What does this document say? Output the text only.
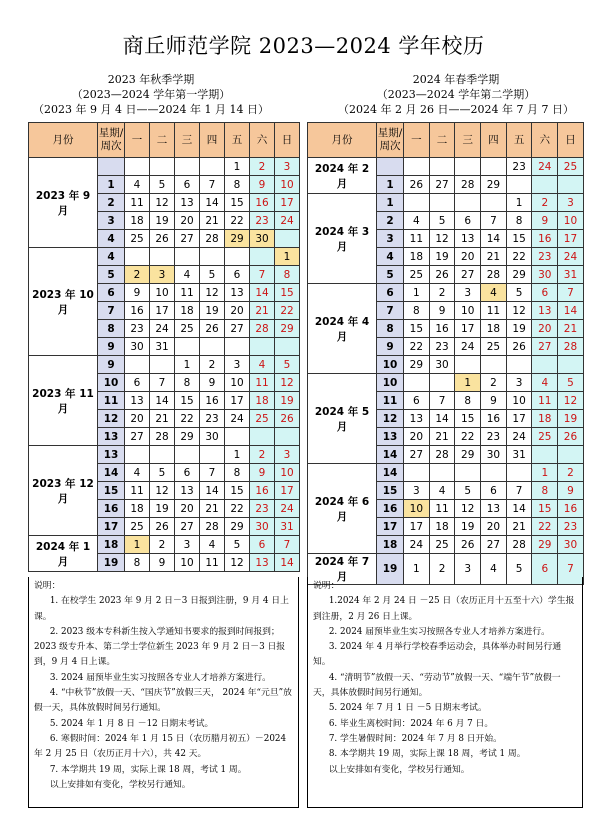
商丘师范学院 2023—2024 学年校历
2023 年秋季学期
（2023—2024 学年第一学期）
（2023 年 9 月 4 日——2024 年 1 月 14 日）
2024 年春季学期
（2023—2024 学年第二学期）
（2024 年 2 月 26 日——2024 年 7 月 7 日）
月份	星期/
周次	一	二	三	四	五	六	日
2023 年 9 月						1	2	3
	1	4	5	6	7	8	9	10
	2	11	12	13	14	15	16	17
	3	18	19	20	21	22	23	24
	4	25	26	27	28	29	30	
2023 年 10 月	4							1
	5	2	3	4	5	6	7	8
	6	9	10	11	12	13	14	15
	7	16	17	18	19	20	21	22
	8	23	24	25	26	27	28	29
	9	30	31					
2023 年 11 月	9			1	2	3	4	5
	10	6	7	8	9	10	11	12
	11	13	14	15	16	17	18	19
	12	20	21	22	23	24	25	26
	13	27	28	29	30			
2023 年 12 月	13					1	2	3
	14	4	5	6	7	8	9	10
	15	11	12	13	14	15	16	17
	16	18	19	20	21	22	23	24
	17	25	26	27	28	29	30	31
2024 年 1 月	18	1	2	3	4	5	6	7
	19	8	9	10	11	12	13	14
月份	星期/
周次	一	二	三	四	五	六	日
2024 年 2 月						23	24	25
	1	26	27	28	29			
2024 年 3 月	1					1	2	3
	2	4	5	6	7	8	9	10
	3	11	12	13	14	15	16	17
	4	18	19	20	21	22	23	24
	5	25	26	27	28	29	30	31
2024 年 4 月	6	1	2	3	4	5	6	7
	7	8	9	10	11	12	13	14
	8	15	16	17	18	19	20	21
	9	22	23	24	25	26	27	28
	10	29	30					
2024 年 5 月	10			1	2	3	4	5
	11	6	7	8	9	10	11	12
	12	13	14	15	16	17	18	19
	13	20	21	22	23	24	25	26
	14	27	28	29	30	31		
2024 年 6 月	14						1	2
	15	3	4	5	6	7	8	9
	16	10	11	12	13	14	15	16
	17	17	18	19	20	21	22	23
	18	24	25	26	27	28	29	30
2024 年 7 月	19	1	2	3	4	5	6	7

说明：

1. 在校学生 2023 年 9 月 2 日－3 日报到注册，9 月 4 日上课。

2. 2023 级本专科新生按入学通知书要求的报到时间报到；2023 级专升本、第二学士学位新生 2023 年 9 月 2 日－3 日报到，9 月 4 日上课。

3. 2024 届预毕业生实习按照各专业人才培养方案进行。

4. “中秋节”放假一天、“国庆节”放假三天， 2024 年“元旦”放假一天，具体放假时间另行通知。

5. 2024 年 1 月 8 日 －12 日期末考试。

6. 寒假时间：2024 年 1 月 15 日（农历腊月初五）－2024 年 2 月 25 日（农历正月十六），共 42 天。

7. 本学期共 19 周，实际上课 18 周，考试 1 周。

以上安排如有变化，学校另行通知。

说明：

1.2024 年 2 月 24 日 －25 日（农历正月十五至十六）学生报到注册，2 月 26 日上课。

2. 2024 届预毕业生实习按照各专业人才培养方案进行。

3. 2024 年 4 月举行学校春季运动会，具体举办时间另行通知。

4. “清明节”放假一天、“劳动节”放假一天、“端午节”放假一天，具体放假时间另行通知。

5. 2024 年 7 月 1 日 －5 日期末考试。

6. 毕业生离校时间：2024 年 6 月 7 日。

7. 学生暑假时间：2024 年 7 月 8 日开始。

8. 本学期共 19 周，实际上课 18 周，考试 1 周。

以上安排如有变化，学校另行通知。
